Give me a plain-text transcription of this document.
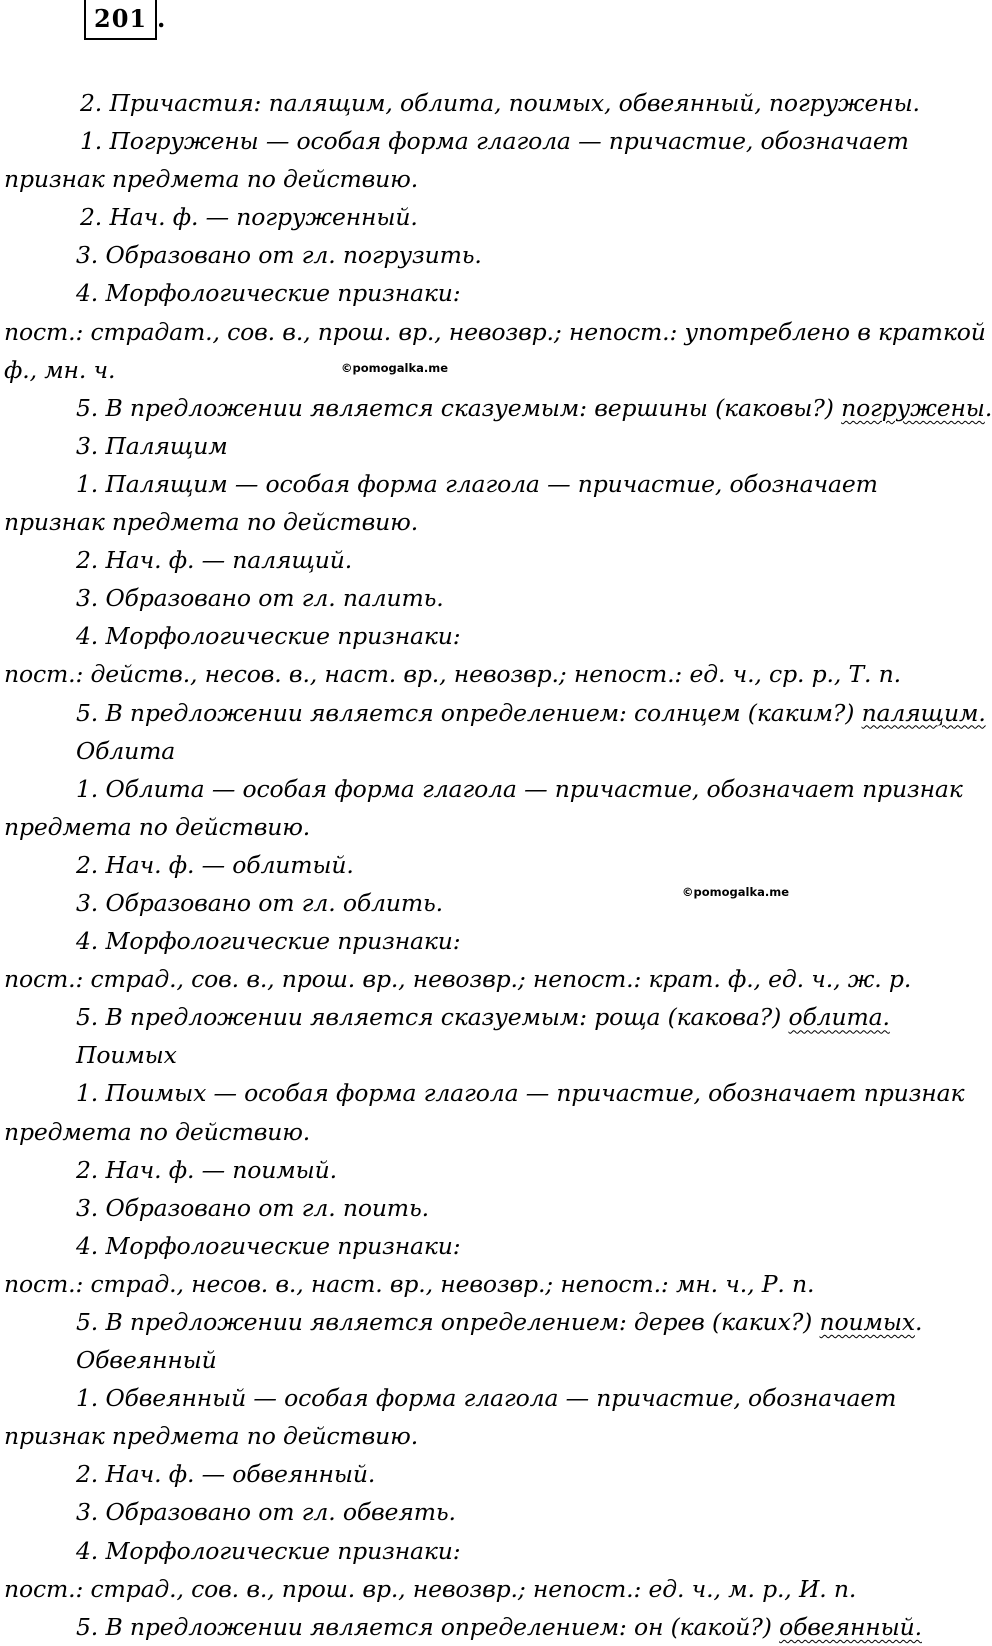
201 .
2. Причастия: палящим, облита, поимых, обвеянный, погружены.
1. Погружены — особая форма глагола — причастие, обозначает
признак предмета по действию.
2. Нач. ф. — погруженный.
3. Образовано от гл. погрузить.
4. Морфологические признаки:
пост.: страдат., сов. в., прош. вр., невозвр.; непост.: употреблено в краткой
ф., мн. ч.
5. В предложении является сказуемым: вершины (каковы?) погружены.
3. Палящим
1. Палящим — особая форма глагола — причастие, обозначает
признак предмета по действию.
2. Нач. ф. — палящий.
3. Образовано от гл. палить.
4. Морфологические признаки:
пост.: действ., несов. в., наст. вр., невозвр.; непост.: ед. ч., ср. р., Т. п.
5. В предложении является определением: солнцем (каким?) палящим.
Облита
1. Облита — особая форма глагола — причастие, обозначает признак
предмета по действию.
2. Нач. ф. — облитый.
3. Образовано от гл. облить.
4. Морфологические признаки:
пост.: страд., сов. в., прош. вр., невозвр.; непост.: крат. ф., ед. ч., ж. р.
5. В предложении является сказуемым: роща (какова?) облита.
Поимых
1. Поимых — особая форма глагола — причастие, обозначает признак
предмета по действию.
2. Нач. ф. — поимый.
3. Образовано от гл. поить.
4. Морфологические признаки:
пост.: страд., несов. в., наст. вр., невозвр.; непост.: мн. ч., Р. п.
5. В предложении является определением: дерев (каких?) поимых.
Обвеянный
1. Обвеянный — особая форма глагола — причастие, обозначает
признак предмета по действию.
2. Нач. ф. — обвеянный.
3. Образовано от гл. обвеять.
4. Морфологические признаки:
пост.: страд., сов. в., прош. вр., невозвр.; непост.: ед. ч., м. р., И. п.
5. В предложении является определением: он (какой?) обвеянный.
©pomogalka.me
©pomogalka.me
